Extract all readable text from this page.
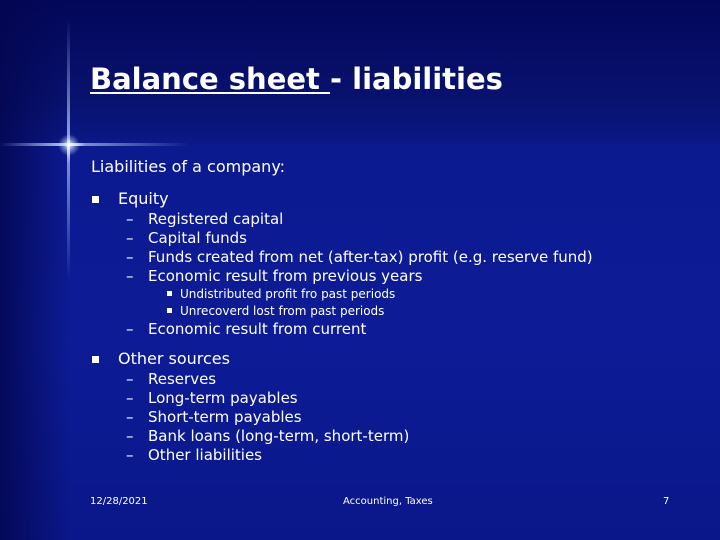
Balance sheet - liabilities
Liabilities of a company:
Equity
– Registered capital
– Capital funds
– Funds created from net (after-tax) profit (e.g. reserve fund)
– Economic result from previous years
Undistributed profit fro past periods
Unrecoverd lost from past periods
– Economic result from current
Other sources
– Reserves
– Long-term payables
– Short-term payables
– Bank loans (long-term, short-term)
– Other liabilities
12/28/2021	Accounting, Taxes	7
